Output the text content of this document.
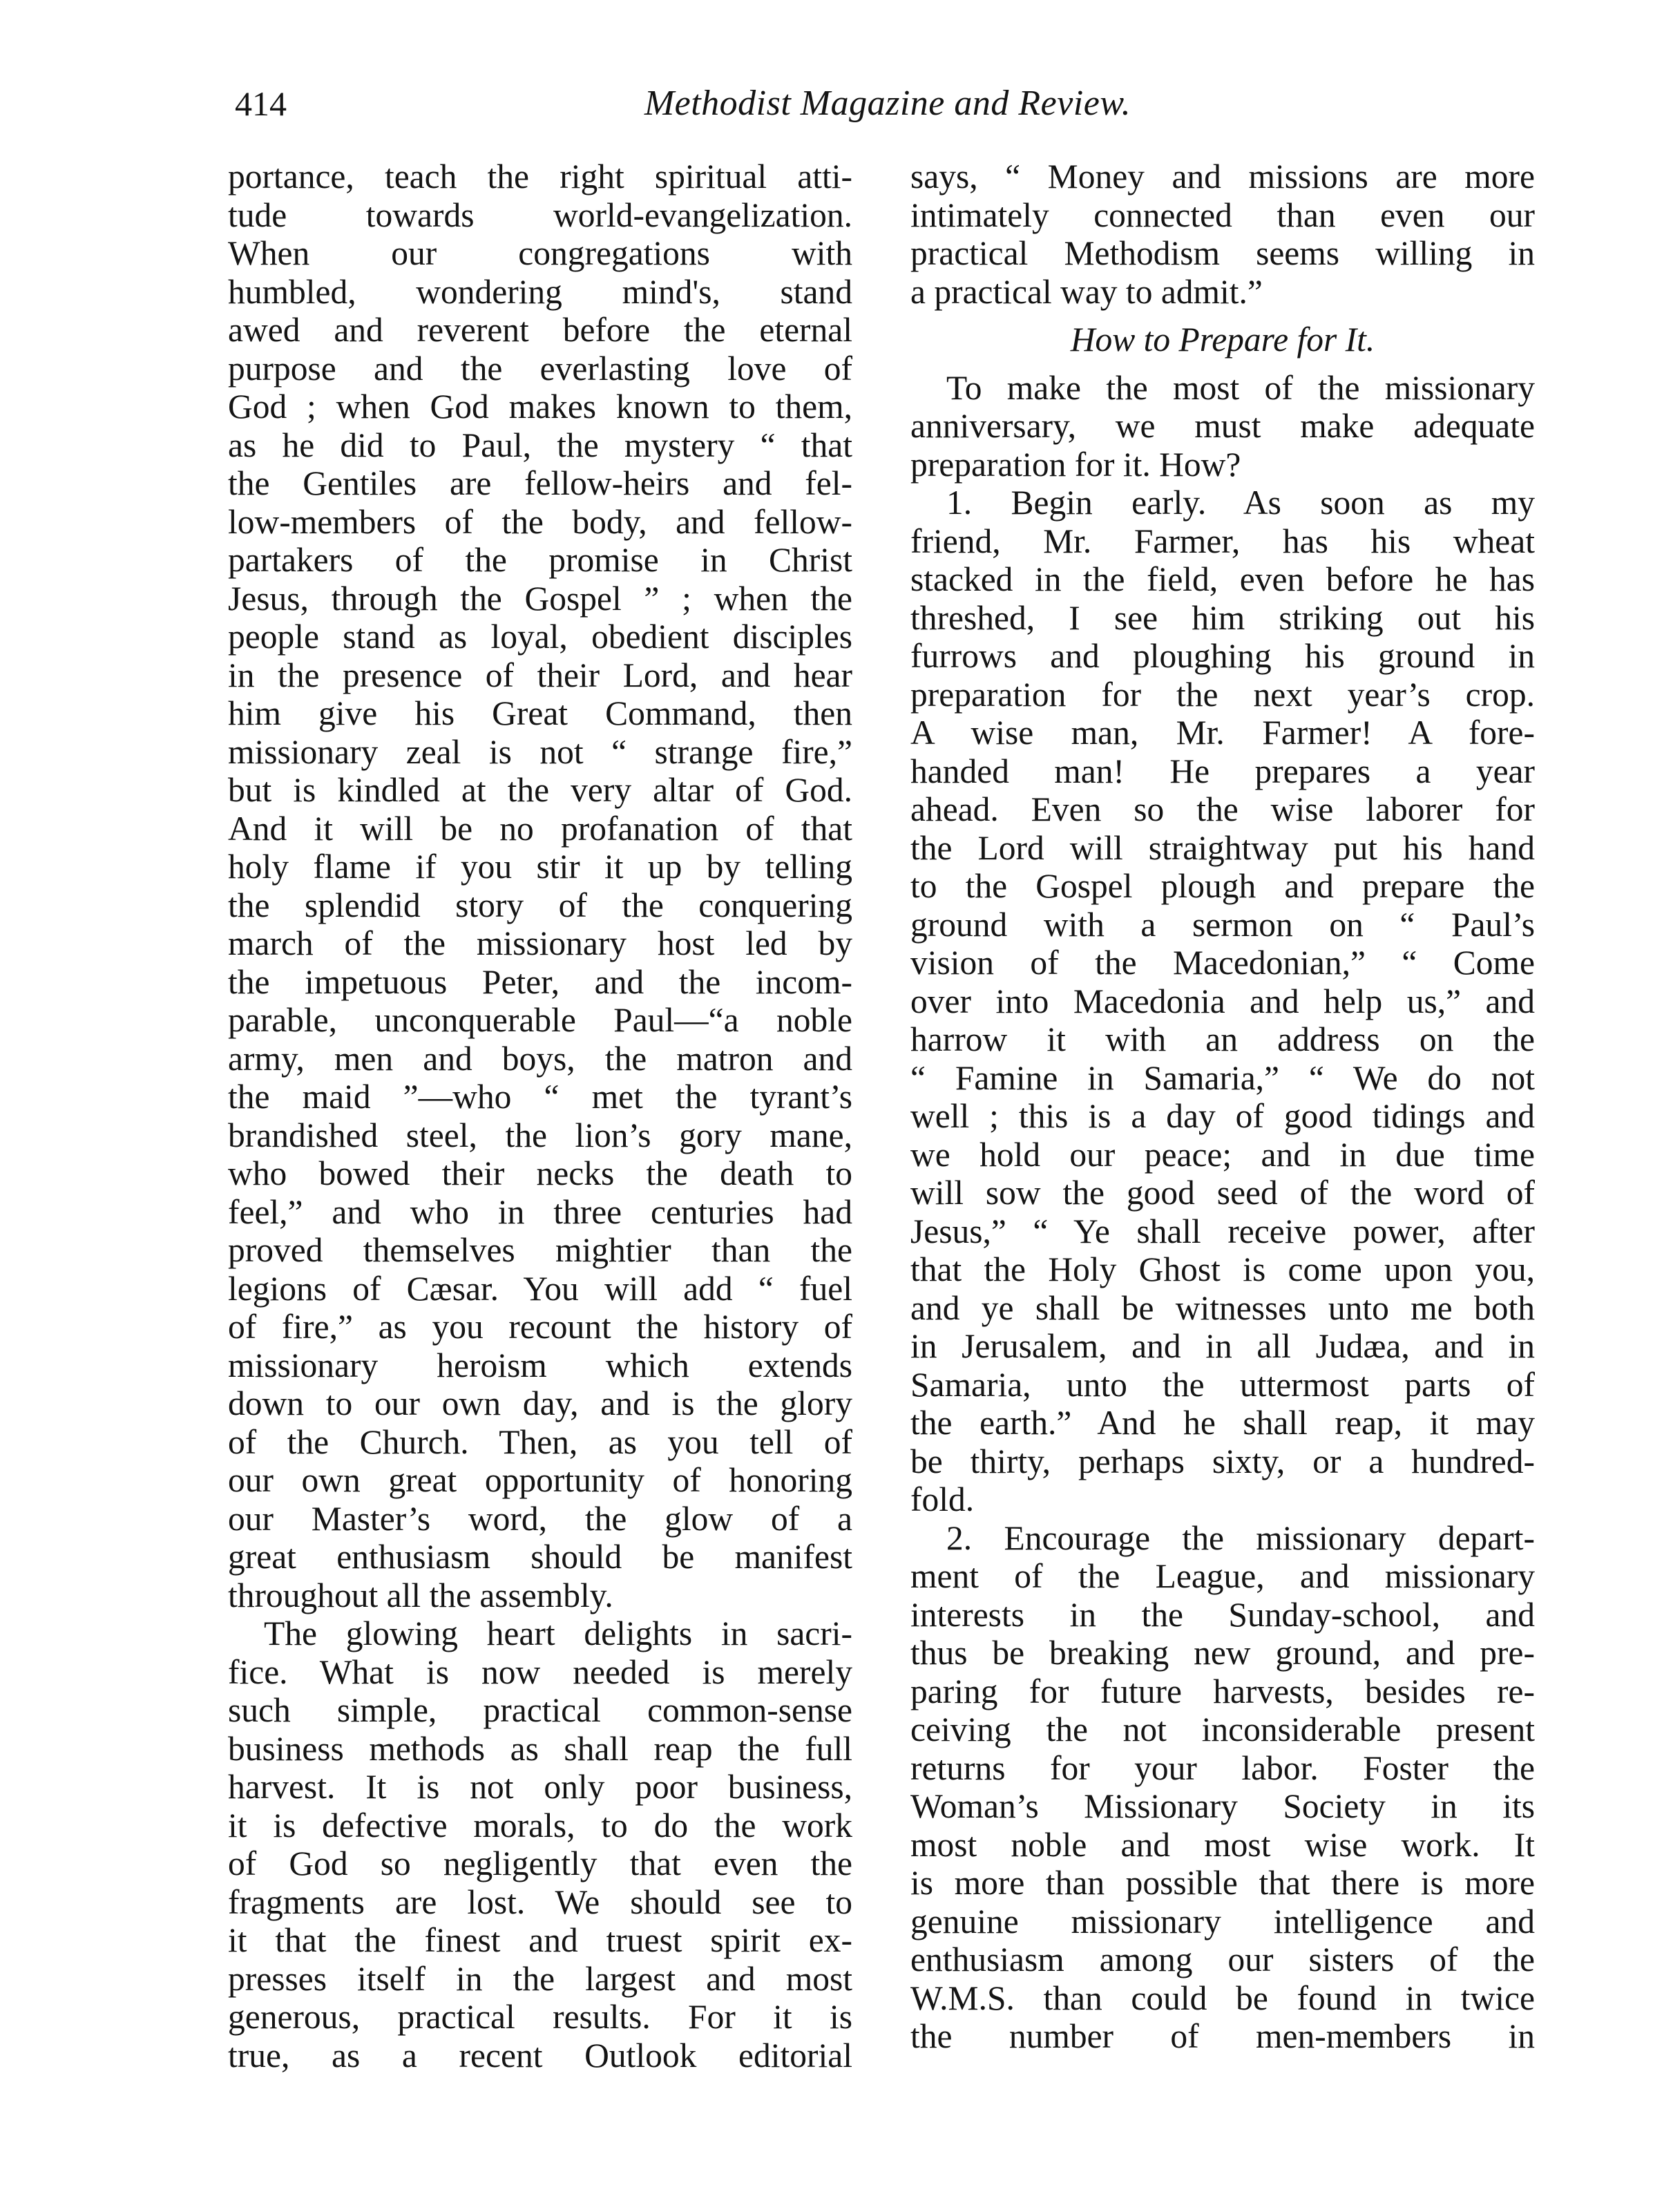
414	Methodist Magazine and Review.
portance, teach the right spiritual atti-
tude towards world-evangelization.
When our congregations with
humbled, wondering mind's, stand
awed and reverent before the eternal
purpose and the everlasting love of
God ; when God makes known to them,
as he did to Paul, the mystery “ that
the Gentiles are fellow-heirs and fel-
low-members of the body, and fellow-
partakers of the promise in Christ
Jesus, through the Gospel ” ; when the
people stand as loyal, obedient disciples
in the presence of their Lord, and hear
him give his Great Command, then
missionary zeal is not “ strange fire,”
but is kindled at the very altar of God.
And it will be no profanation of that
holy flame if you stir it up by telling
the splendid story of the conquering
march of the missionary host led by
the impetuous Peter, and the incom-
parable, unconquerable Paul—“a noble
army, men and boys, the matron and
the maid ”—who “ met the tyrant’s
brandished steel, the lion’s gory mane,
who bowed their necks the death to
feel,” and who in three centuries had
proved themselves mightier than the
legions of Cæsar. You will add “ fuel
of fire,” as you recount the history of
missionary heroism which extends
down to our own day, and is the glory
of the Church. Then, as you tell of
our own great opportunity of honoring
our Master’s word, the glow of a
great enthusiasm should be manifest
throughout all the assembly.
The glowing heart delights in sacri-
fice. What is now needed is merely
such simple, practical common-sense
business methods as shall reap the full
harvest. It is not only poor business,
it is defective morals, to do the work
of God so negligently that even the
fragments are lost. We should see to
it that the finest and truest spirit ex-
presses itself in the largest and most
generous, practical results. For it is
true, as a recent Outlook editorial
says, “ Money and missions are more
intimately connected than even our
practical Methodism seems willing in
a practical way to admit.”
How to Prepare for It.
To make the most of the missionary
anniversary, we must make adequate
preparation for it. How?
1. Begin early. As soon as my
friend, Mr. Farmer, has his wheat
stacked in the field, even before he has
threshed, I see him striking out his
furrows and ploughing his ground in
preparation for the next year’s crop.
A wise man, Mr. Farmer! A fore-
handed man! He prepares a year
ahead. Even so the wise laborer for
the Lord will straightway put his hand
to the Gospel plough and prepare the
ground with a sermon on “ Paul’s
vision of the Macedonian,” “ Come
over into Macedonia and help us,” and
harrow it with an address on the
“ Famine in Samaria,” “ We do not
well ; this is a day of good tidings and
we hold our peace; and in due time
will sow the good seed of the word of
Jesus,” “ Ye shall receive power, after
that the Holy Ghost is come upon you,
and ye shall be witnesses unto me both
in Jerusalem, and in all Judæa, and in
Samaria, unto the uttermost parts of
the earth.” And he shall reap, it may
be thirty, perhaps sixty, or a hundred-
fold.
2. Encourage the missionary depart-
ment of the League, and missionary
interests in the Sunday-school, and
thus be breaking new ground, and pre-
paring for future harvests, besides re-
ceiving the not inconsiderable present
returns for your labor. Foster the
Woman’s Missionary Society in its
most noble and most wise work. It
is more than possible that there is more
genuine missionary intelligence and
enthusiasm among our sisters of the
W.M.S. than could be found in twice
the number of men-members in
